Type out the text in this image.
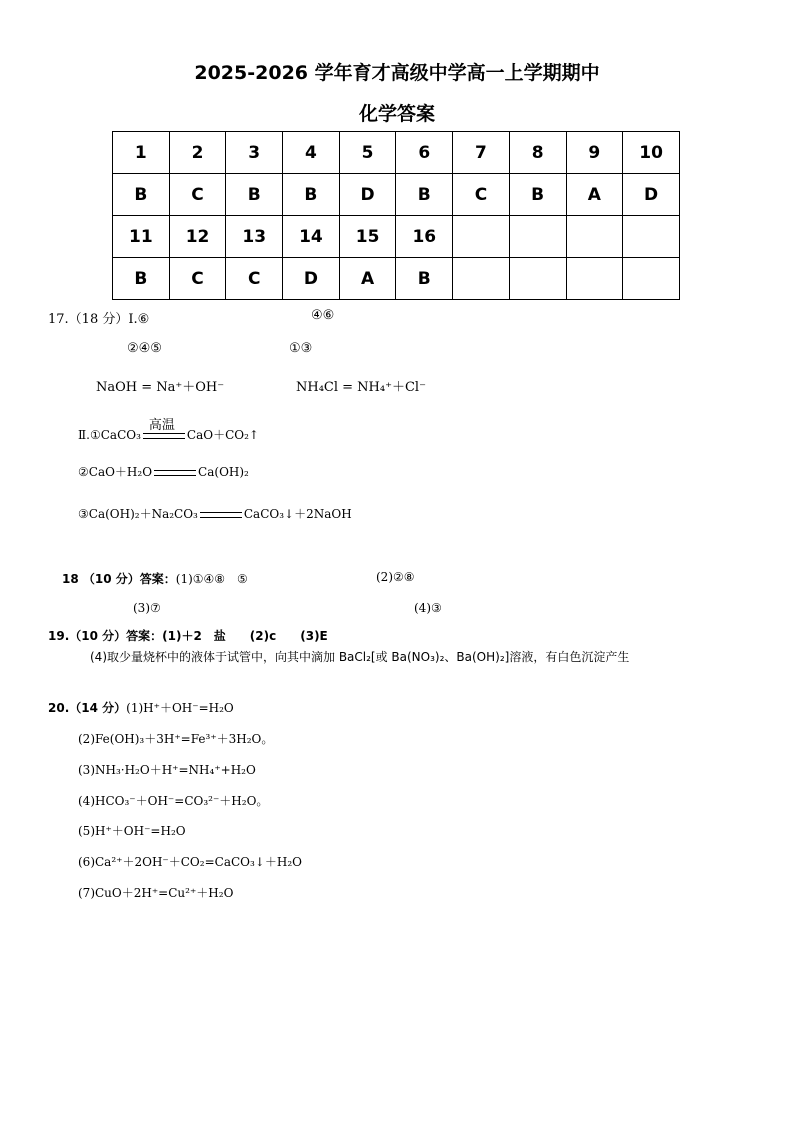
2025-2026 学年育才高级中学高一上学期期中
化学答案
1	2	3	4	5	6	7	8	9	10
B	C	B	B	D	B	C	B	A	D
11	12	13	14	15	16				
B	C	C	D	A	B				
17.（18 分）Ⅰ.⑥	④⑥
②④⑤	①③
NaOH = Na⁺＋OH⁻	NH₄Cl = NH₄⁺＋Cl⁻
Ⅱ.①CaCO₃
高温
CaO＋CO₂↑
②CaO＋H₂O	Ca(OH)₂
③Ca(OH)₂＋Na₂CO₃	CaCO₃↓＋2NaOH
18 （10 分）答案：(1)①④⑧　⑤	(2)②⑧
(3)⑦	(4)③
19.（10 分）答案：(1)＋2　盐　　(2)c　　(3)E
(4)取少量烧杯中的液体于试管中，向其中滴加 BaCl₂[或 Ba(NO₃)₂、Ba(OH)₂]溶液，有白色沉淀产生
20.（14 分）(1)H⁺＋OH⁻=H₂O
(2)Fe(OH)₃＋3H⁺=Fe³⁺＋3H₂O。
(3)NH₃·H₂O＋H⁺=NH₄⁺+H₂O
(4)HCO₃⁻＋OH⁻=CO₃²⁻＋H₂O。
(5)H⁺＋OH⁻=H₂O
(6)Ca²⁺＋2OH⁻＋CO₂=CaCO₃↓＋H₂O
(7)CuO＋2H⁺=Cu²⁺＋H₂O
